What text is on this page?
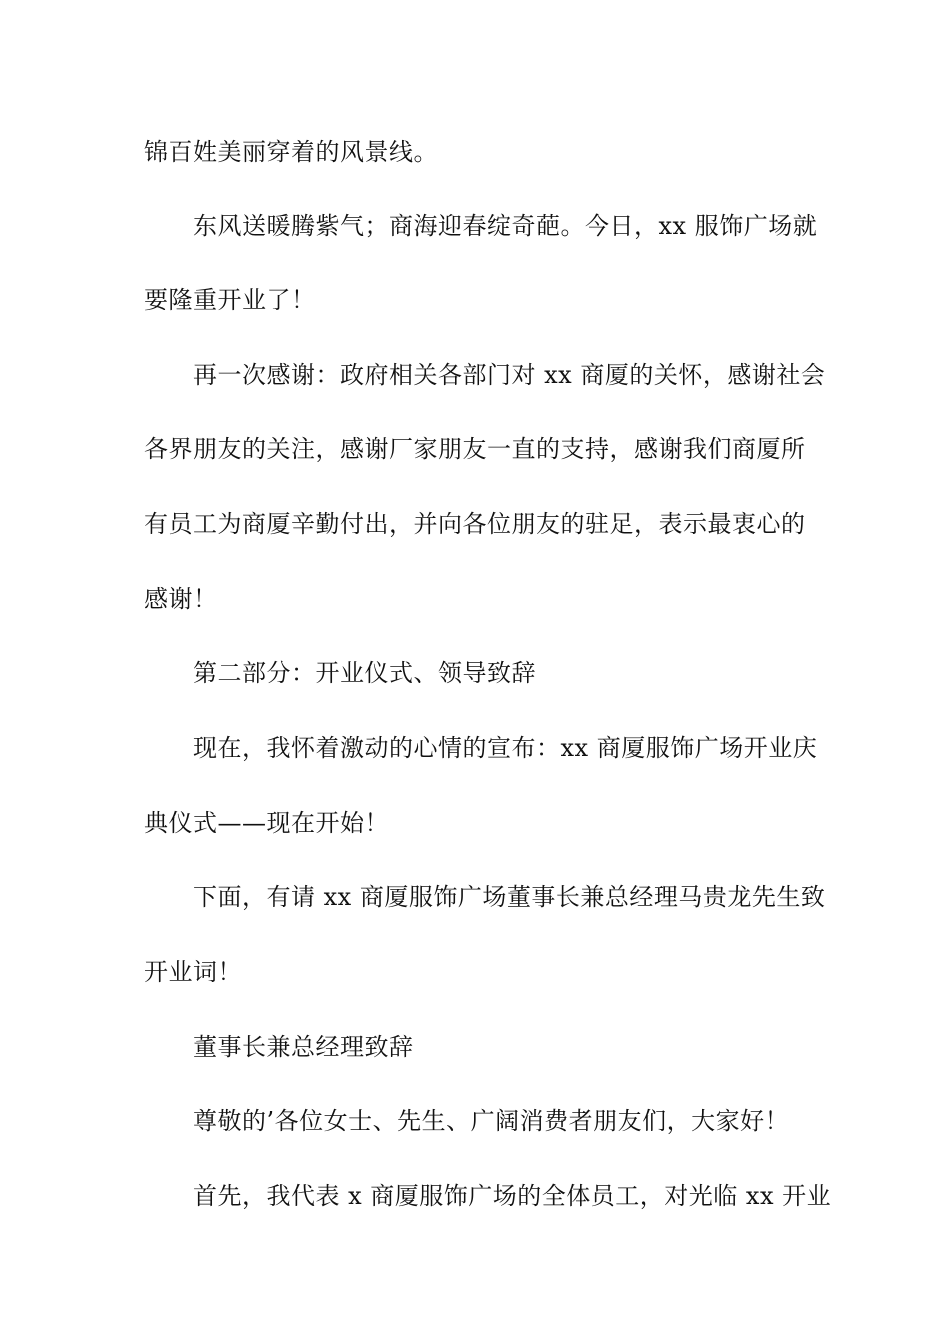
锦百姓美丽穿着的风景线。
东风送暖腾紫气；商海迎春绽奇葩。今日，xx 服饰广场就
要隆重开业了！
再一次感谢：政府相关各部门对 xx 商厦的关怀，感谢社会
各界朋友的关注，感谢厂家朋友一直的支持，感谢我们商厦所
有员工为商厦辛勤付出，并向各位朋友的驻足，表示最衷心的
感谢！
第二部分：开业仪式、领导致辞
现在，我怀着激动的心情的宣布：xx 商厦服饰广场开业庆
典仪式——现在开始！
下面，有请 xx 商厦服饰广场董事长兼总经理马贵龙先生致
开业词！
董事长兼总经理致辞
尊敬的’各位女士、先生、广阔消费者朋友们，大家好！
首先，我代表 x 商厦服饰广场的全体员工，对光临 xx 开业
